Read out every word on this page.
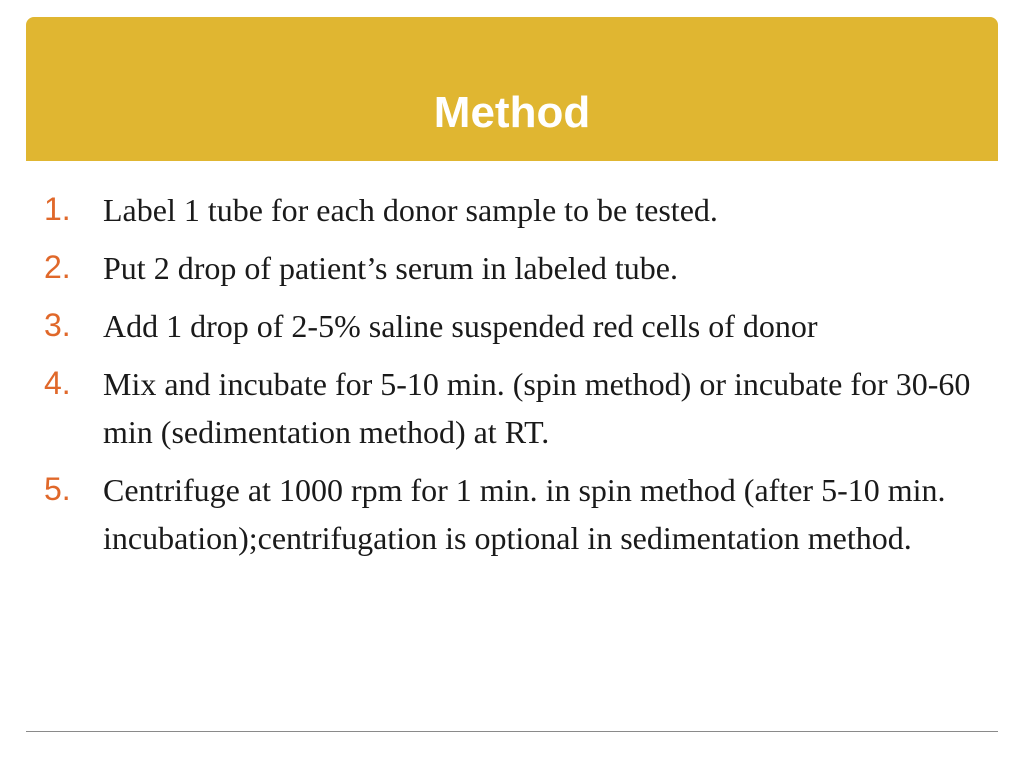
Method
1. Label 1 tube for each donor sample to be tested.
2. Put 2 drop of patient’s serum in labeled tube.
3. Add 1 drop of 2-5% saline suspended red cells of donor
4. Mix and incubate for 5-10 min. (spin method) or incubate for 30-60 min (sedimentation method) at RT.
5. Centrifuge at 1000 rpm for 1 min. in spin method (after 5-10 min. incubation);centrifugation is optional in sedimentation method.
